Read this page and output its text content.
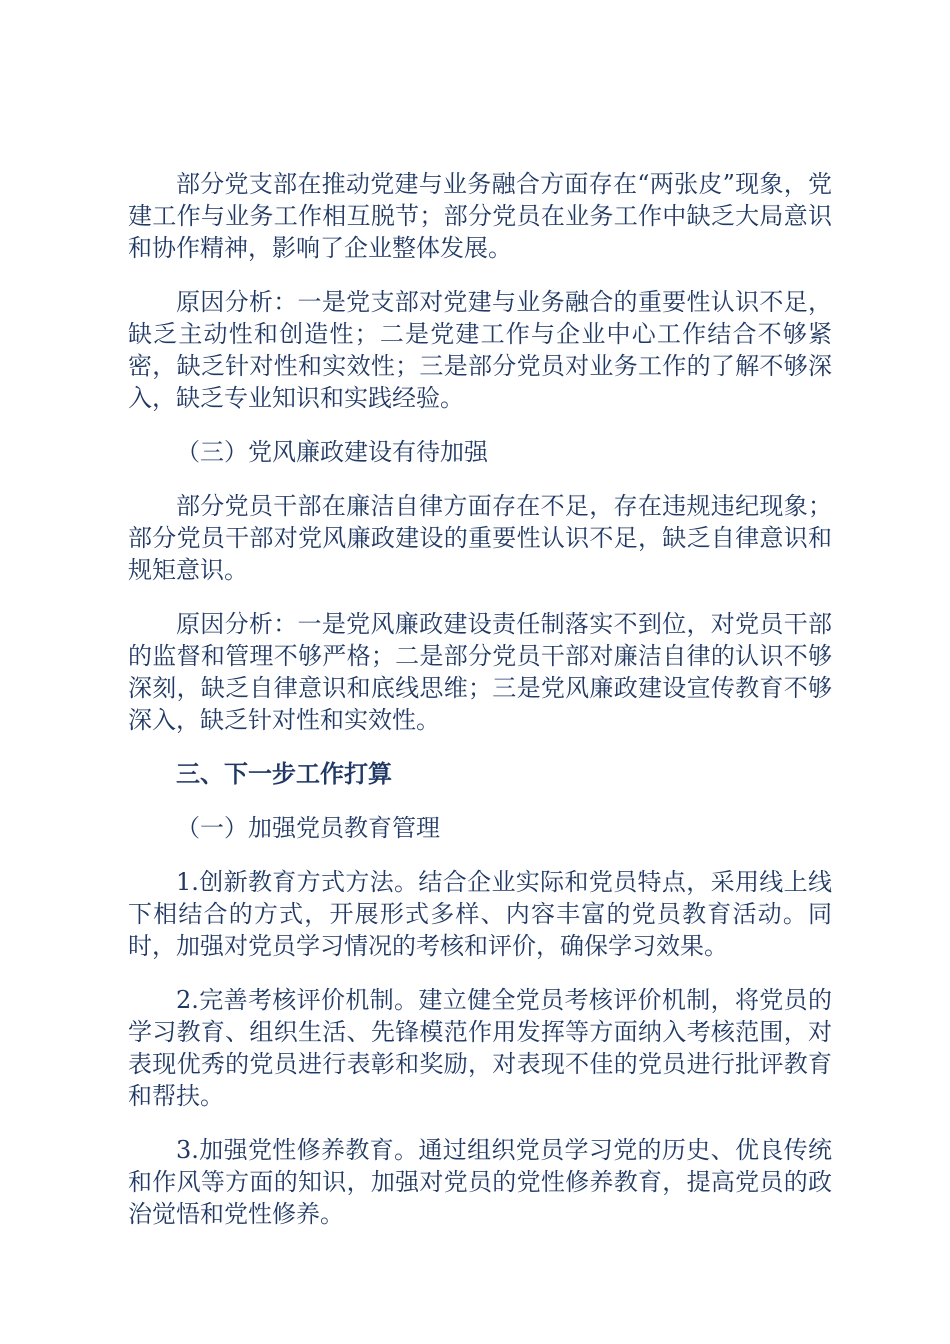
部分党支部在推动党建与业务融合方面存在“两张皮”现象，党建工作与业务工作相互脱节；部分党员在业务工作中缺乏大局意识和协作精神，影响了企业整体发展。

原因分析：一是党支部对党建与业务融合的重要性认识不足，缺乏主动性和创造性；二是党建工作与企业中心工作结合不够紧密，缺乏针对性和实效性；三是部分党员对业务工作的了解不够深入，缺乏专业知识和实践经验。

（三）党风廉政建设有待加强

部分党员干部在廉洁自律方面存在不足，存在违规违纪现象；部分党员干部对党风廉政建设的重要性认识不足，缺乏自律意识和规矩意识。

原因分析：一是党风廉政建设责任制落实不到位，对党员干部的监督和管理不够严格；二是部分党员干部对廉洁自律的认识不够深刻，缺乏自律意识和底线思维；三是党风廉政建设宣传教育不够深入，缺乏针对性和实效性。

三、下一步工作打算

（一）加强党员教育管理

1.创新教育方式方法。结合企业实际和党员特点，采用线上线下相结合的方式，开展形式多样、内容丰富的党员教育活动。同时，加强对党员学习情况的考核和评价，确保学习效果。

2.完善考核评价机制。建立健全党员考核评价机制，将党员的学习教育、组织生活、先锋模范作用发挥等方面纳入考核范围，对表现优秀的党员进行表彰和奖励，对表现不佳的党员进行批评教育和帮扶。

3.加强党性修养教育。通过组织党员学习党的历史、优良传统和作风等方面的知识，加强对党员的党性修养教育，提高党员的政治觉悟和党性修养。
